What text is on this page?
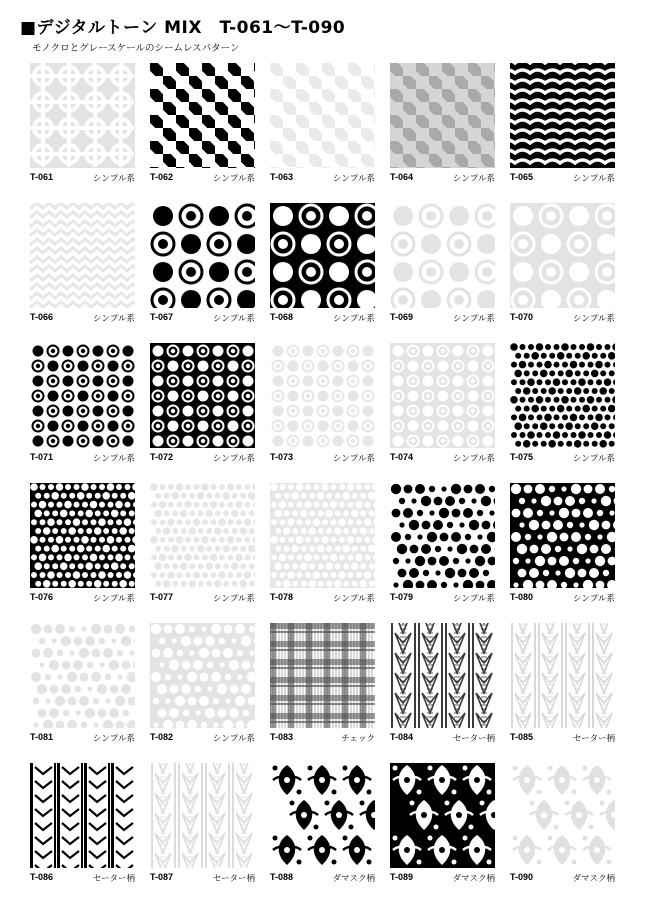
■デジタルトーン MIX　T-061～T-090
モノクロとグレースケールのシームレスパターン
T-061	シンプル系 T-062	シンプル系 T-063	シンプル系 T-064	シンプル系 T-065	シンプル系
T-066	シンプル系 T-067	シンプル系 T-068	シンプル系 T-069	シンプル系 T-070	シンプル系
T-071	シンプル系 T-072	シンプル系 T-073	シンプル系 T-074	シンプル系 T-075	シンプル系
T-076	シンプル系 T-077	シンプル系 T-078	シンプル系 T-079	シンプル系 T-080	シンプル系
T-081	シンプル系 T-082	シンプル系 T-083	チェック T-084	セーター柄 T-085	セーター柄
T-086	セーター柄 T-087	セーター柄 T-088	ダマスク柄 T-089	ダマスク柄 T-090	ダマスク柄
